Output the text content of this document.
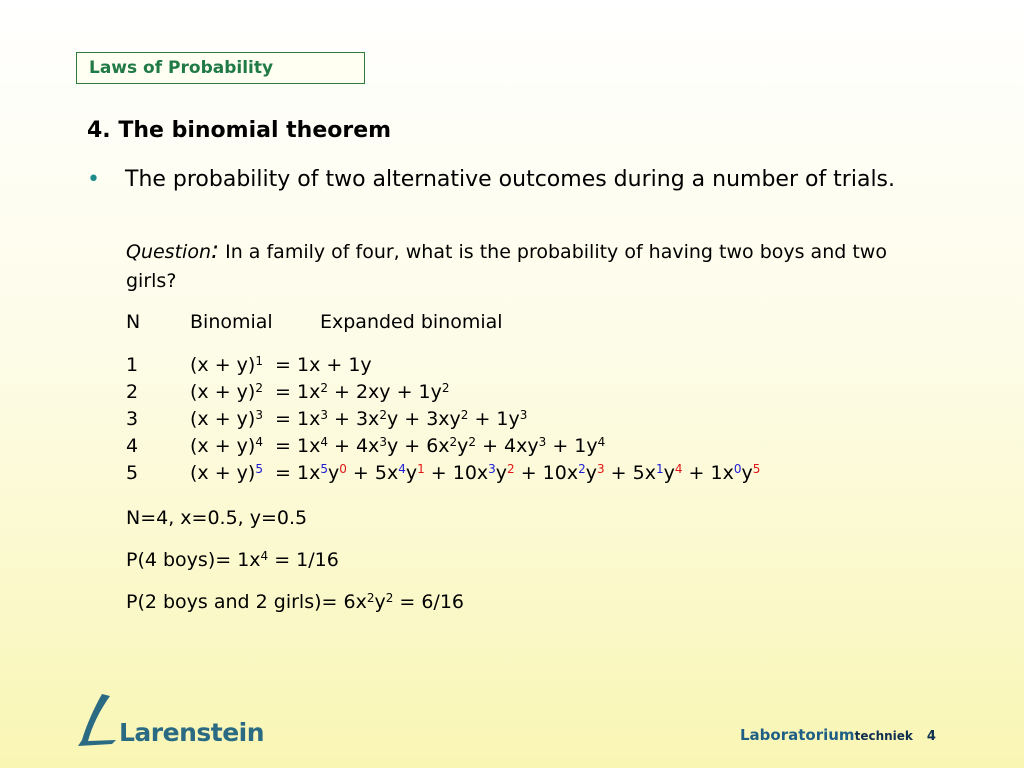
Laws of Probability
4. The binomial theorem
• The probability of two alternative outcomes during a number of trials.
Question: In a family of four, what is the probability of having two boys and two girls?
N	Binomial Expanded binomial
1	$(x + y)^1 = 1x + 1y$
2	$(x + y)^2 = 1x^2 + 2xy + 1y^2$
3	$(x + y)^3 = 1x^3 + 3x^2y + 3xy^2 + 1y^3$
4	$(x + y)^4 = 1x^4 + 4x^3y + 6x^2y^2 + 4xy^3 + 1y^4$
5	$(x + y)^5 = 1x^5y^0 + 5x^4y^1 + 10x^3y^2 + 10x^2y^3 + 5x^1y^4 + 1x^0y^5$
N=4, x=0.5, y=0.5
P(4 boys)= $1x^4 = 1/16$
P(2 boys and 2 girls)= $6x^2y^2 = 6/16$
Larenstein	Laboratoriumtechniek 4
